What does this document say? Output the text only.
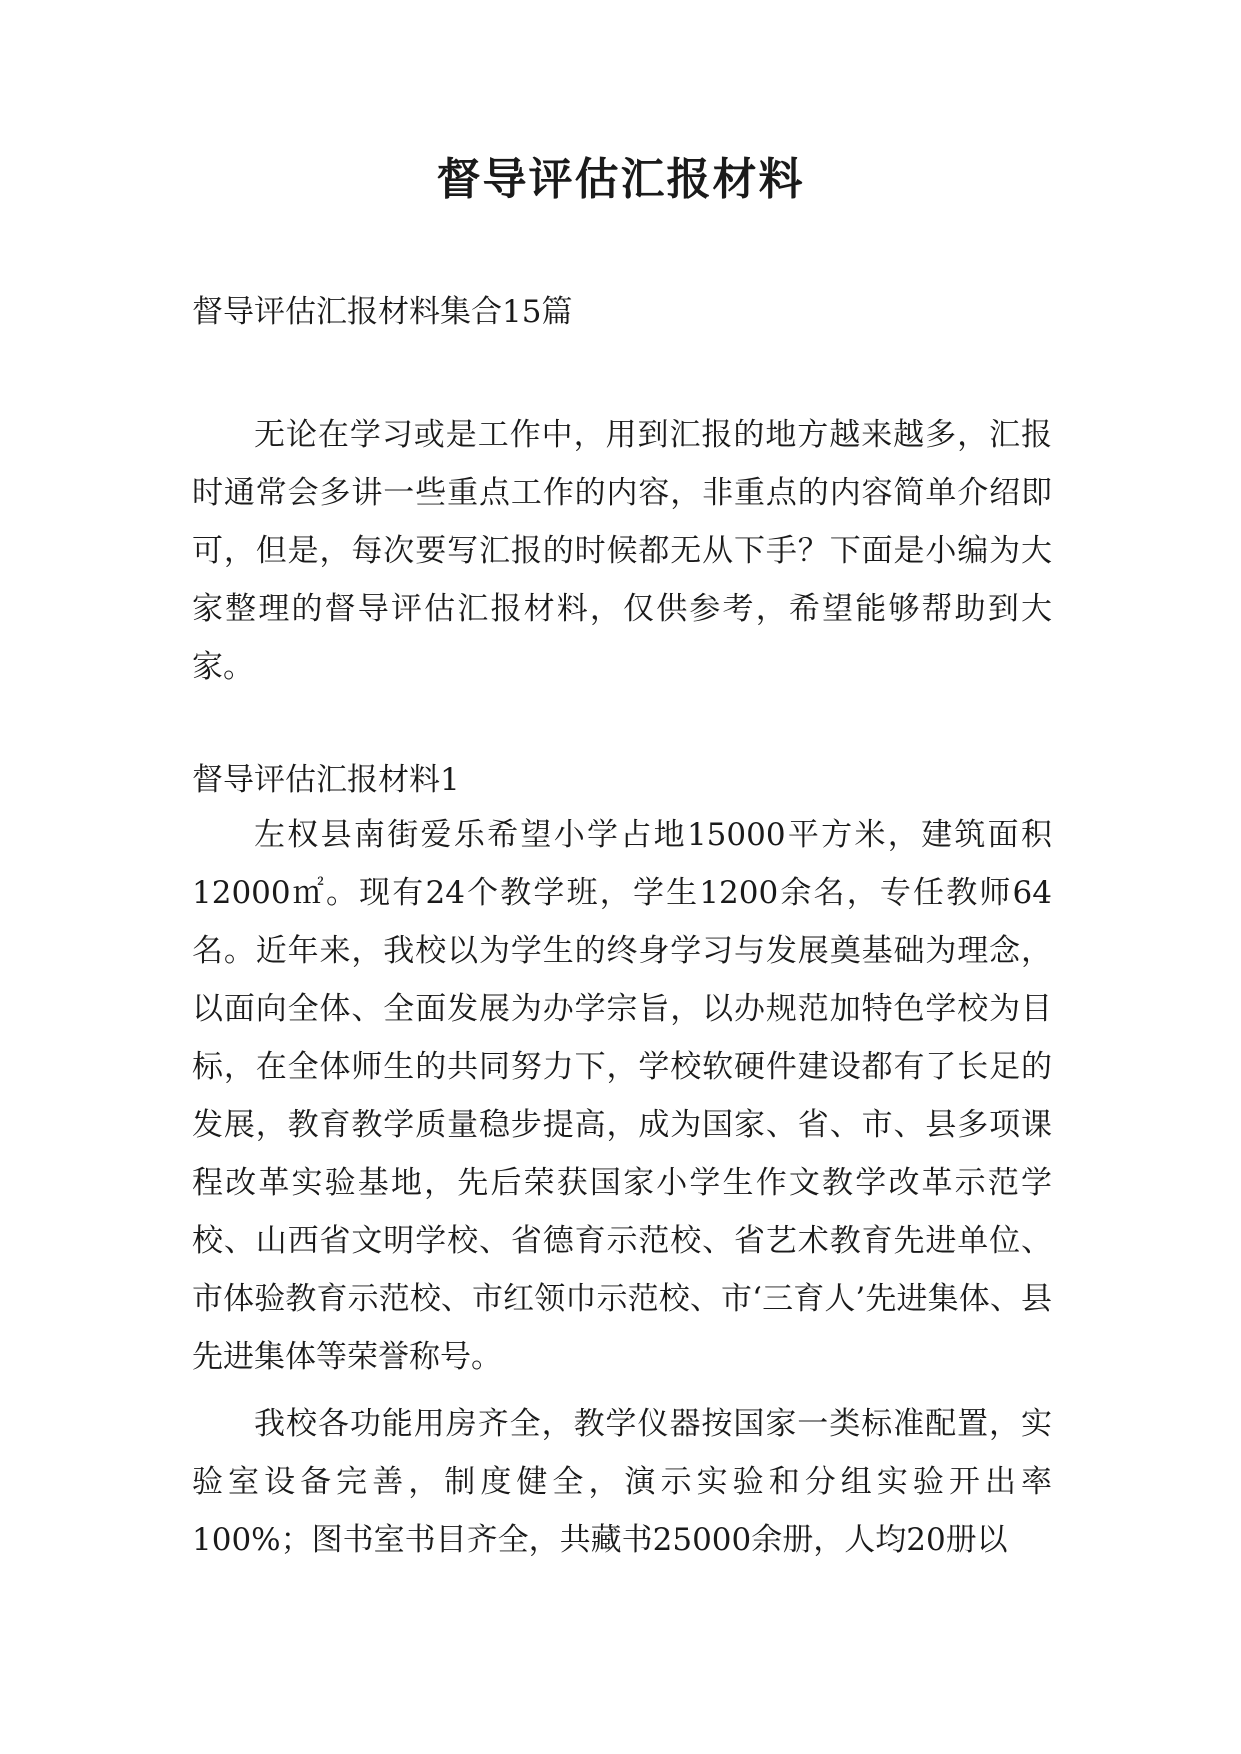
督导评估汇报材料
督导评估汇报材料集合15篇

无论在学习或是工作中，用到汇报的地方越来越多，汇报时通常会多讲一些重点工作的内容，非重点的内容简单介绍即可，但是，每次要写汇报的时候都无从下手？下面是小编为大家整理的督导评估汇报材料，仅供参考，希望能够帮助到大家。

督导评估汇报材料1

左权县南街爱乐希望小学占地15000平方米，建筑面积12000㎡。现有24个教学班，学生1200余名，专任教师64名。近年来，我校以为学生的终身学习与发展奠基础为理念，以面向全体、全面发展为办学宗旨，以办规范加特色学校为目标，在全体师生的共同努力下，学校软硬件建设都有了长足的发展，教育教学质量稳步提高，成为国家、省、市、县多项课程改革实验基地，先后荣获国家小学生作文教学改革示范学校、山西省文明学校、省德育示范校、省艺术教育先进单位、市体验教育示范校、市红领巾示范校、市‘三育人’先进集体、县先进集体等荣誉称号。

我校各功能用房齐全，教学仪器按国家一类标准配置，实验室设备完善，制度健全，演示实验和分组实验开出率100%；图书室书目齐全，共藏书25000余册，人均20册以
